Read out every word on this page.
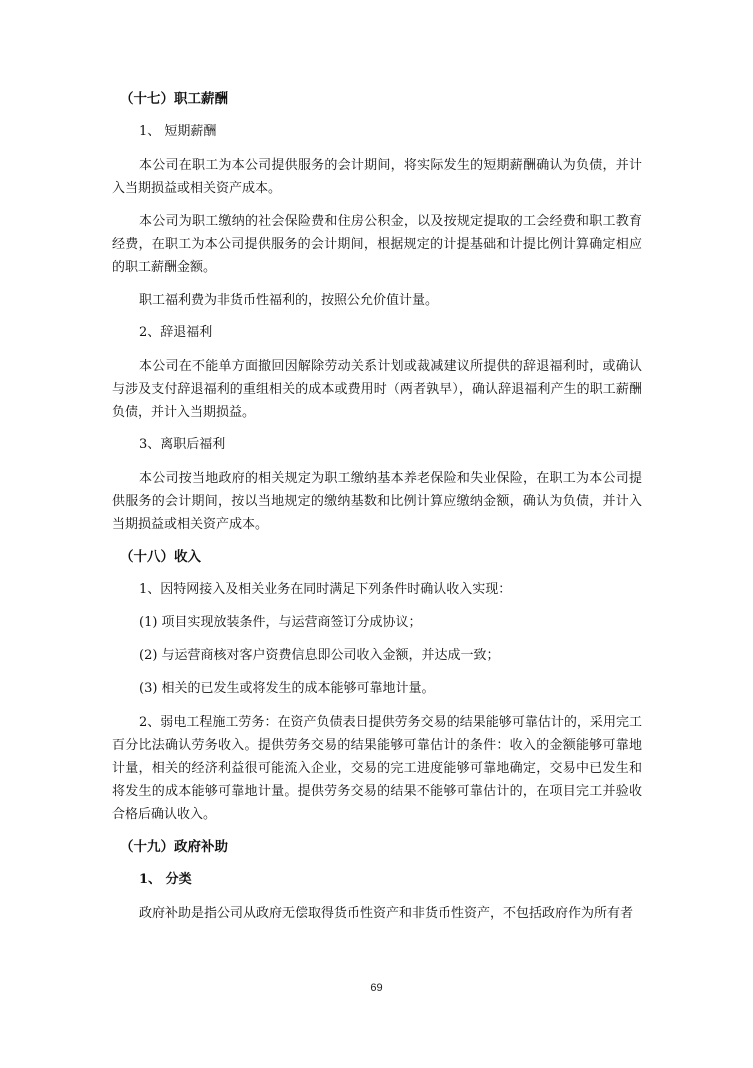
（十七）职工薪酬
1、 短期薪酬

本公司在职工为本公司提供服务的会计期间，将实际发生的短期薪酬确认为负债，并计入当期损益或相关资产成本。

本公司为职工缴纳的社会保险费和住房公积金，以及按规定提取的工会经费和职工教育经费，在职工为本公司提供服务的会计期间，根据规定的计提基础和计提比例计算确定相应的职工薪酬金额。

职工福利费为非货币性福利的，按照公允价值计量。

2、辞退福利

本公司在不能单方面撤回因解除劳动关系计划或裁减建议所提供的辞退福利时，或确认与涉及支付辞退福利的重组相关的成本或费用时（两者孰早），确认辞退福利产生的职工薪酬负债，并计入当期损益。

3、离职后福利

本公司按当地政府的相关规定为职工缴纳基本养老保险和失业保险，在职工为本公司提供服务的会计期间，按以当地规定的缴纳基数和比例计算应缴纳金额，确认为负债，并计入当期损益或相关资产成本。

（十八）收入
1、因特网接入及相关业务在同时满足下列条件时确认收入实现：
(1) 项目实现放装条件，与运营商签订分成协议；
(2) 与运营商核对客户资费信息即公司收入金额，并达成一致；
(3) 相关的已发生或将发生的成本能够可靠地计量。

2、弱电工程施工劳务：在资产负债表日提供劳务交易的结果能够可靠估计的，采用完工百分比法确认劳务收入。提供劳务交易的结果能够可靠估计的条件：收入的金额能够可靠地计量，相关的经济利益很可能流入企业，交易的完工进度能够可靠地确定，交易中已发生和将发生的成本能够可靠地计量。提供劳务交易的结果不能够可靠估计的，在项目完工并验收合格后确认收入。

（十九）政府补助
1、 分类

政府补助是指公司从政府无偿取得货币性资产和非货币性资产，不包括政府作为所有者

69
